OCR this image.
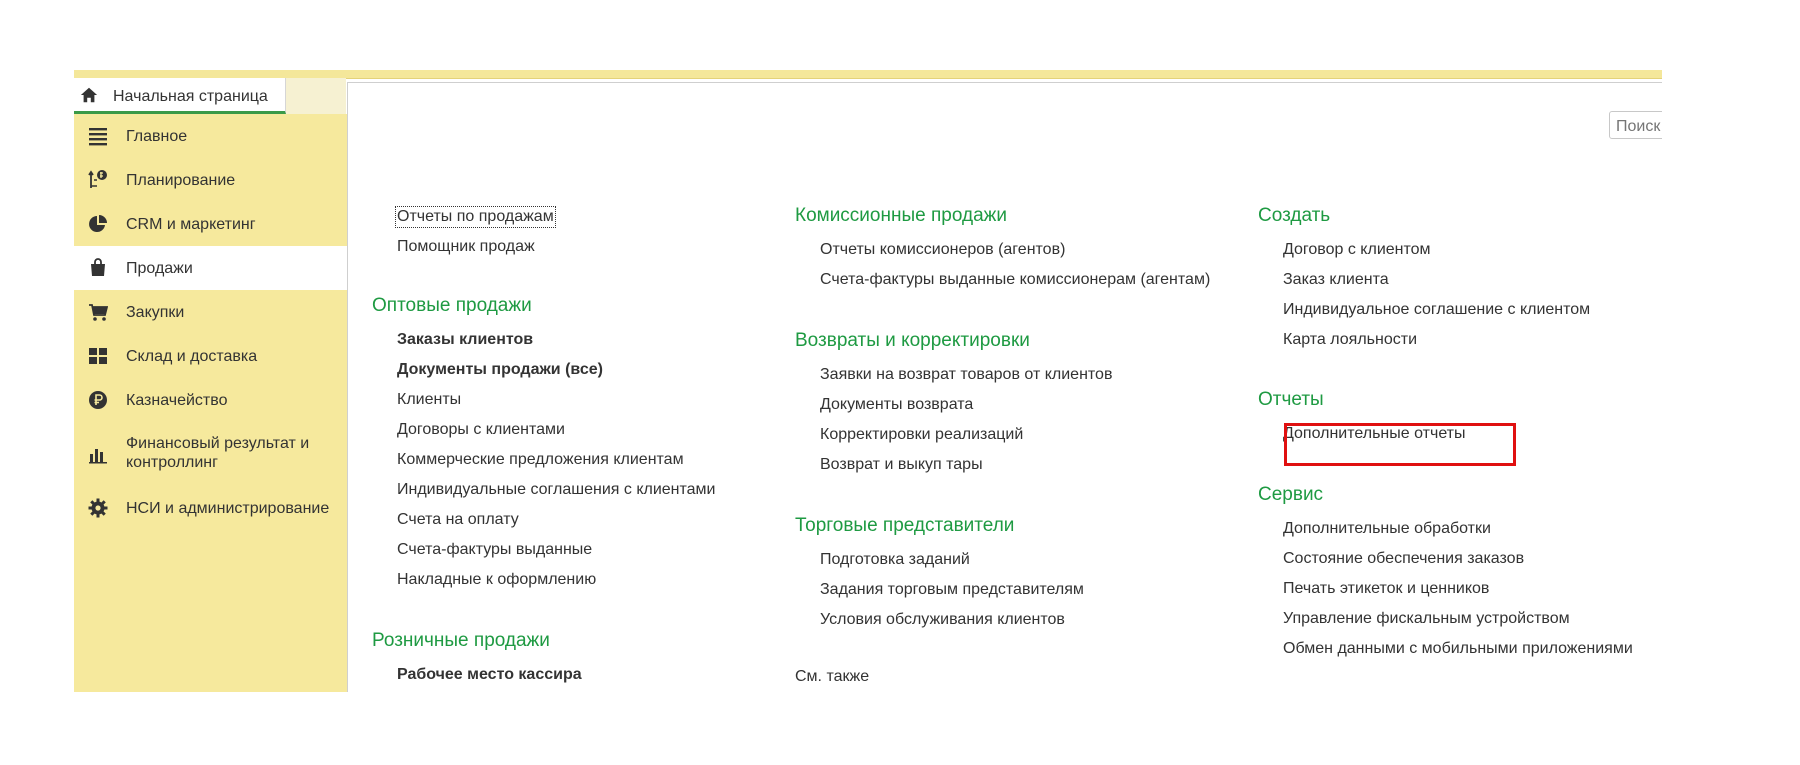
Начальная страница
Главное
Планирование
CRM и маркетинг
Продажи
Закупки
Склад и доставка
Казначейство
Финансовый результат и контроллинг
НСИ и администрирование
Поиск (
Отчеты по продажам
Помощник продаж
Оптовые продажи
Заказы клиентов
Документы продажи (все)
Клиенты
Договоры с клиентами
Коммерческие предложения клиентам
Индивидуальные соглашения с клиентами
Счета на оплату
Счета-фактуры выданные
Накладные к оформлению
Розничные продажи
Рабочее место кассира
Комиссионные продажи
Отчеты комиссионеров (агентов)
Счета-фактуры выданные комиссионерам (агентам)
Возвраты и корректировки
Заявки на возврат товаров от клиентов
Документы возврата
Корректировки реализаций
Возврат и выкуп тары
Торговые представители
Подготовка заданий
Задания торговым представителям
Условия обслуживания клиентов
См. также
Создать
Договор с клиентом
Заказ клиента
Индивидуальное соглашение с клиентом
Карта лояльности
Отчеты
Дополнительные отчеты
Сервис
Дополнительные обработки
Состояние обеспечения заказов
Печать этикеток и ценников
Управление фискальным устройством
Обмен данными с мобильными приложениями
